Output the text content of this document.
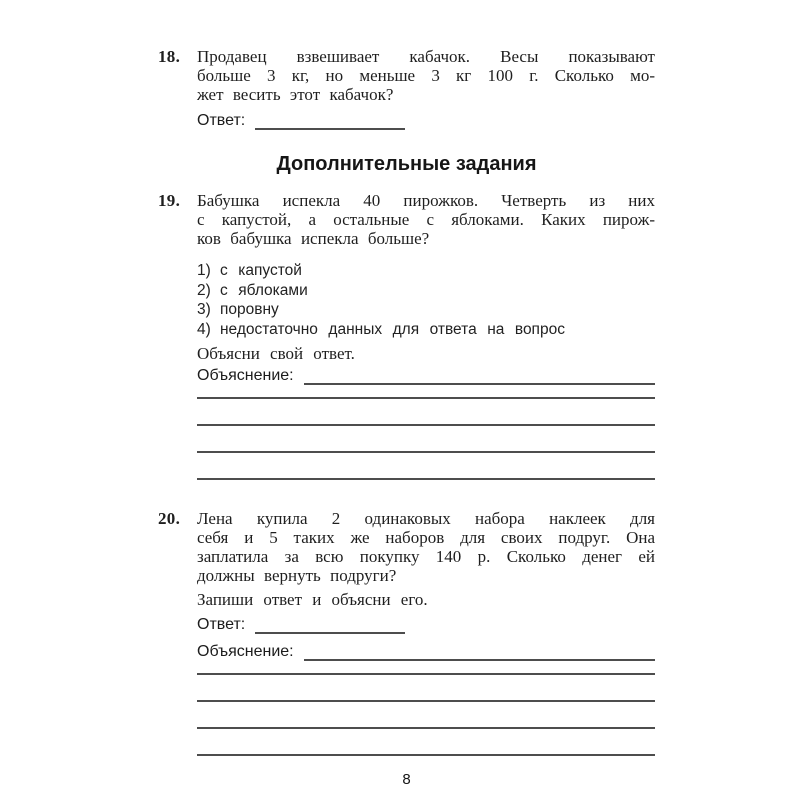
18. Продавец взвешивает кабачок. Весы показывают
больше 3 кг, но меньше 3 кг 100 г. Сколько мо-
жет весить этот кабачок?
Ответ:
Дополнительные задания
19. Бабушка испекла 40 пирожков. Четверть из них
с капустой, а остальные с яблоками. Каких пирож-
ков бабушка испекла больше?
1) с капустой
2) с яблоками
3) поровну
4) недостаточно данных для ответа на вопрос
Объясни свой ответ.
Объяснение:
20. Лена купила 2 одинаковых набора наклеек для
себя и 5 таких же наборов для своих подруг. Она
заплатила за всю покупку 140 р. Сколько денег ей
должны вернуть подруги?
Запиши ответ и объясни его.
Ответ:
Объяснение:
8
